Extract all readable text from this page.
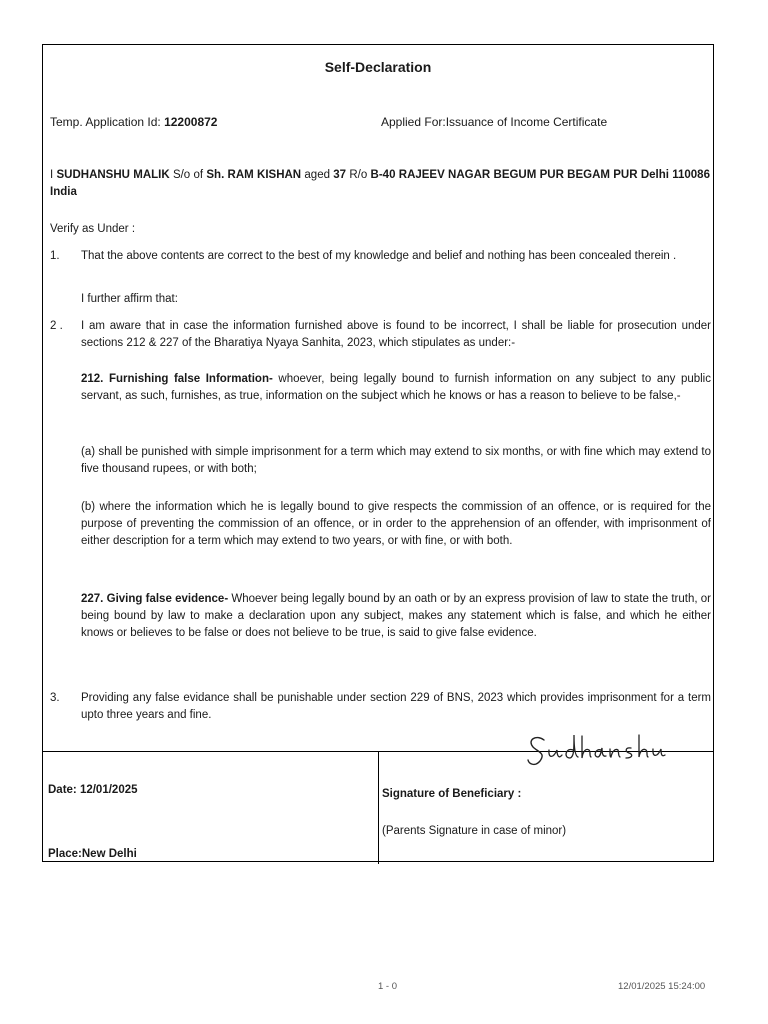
Self-Declaration
Temp. Application Id: 12200872	Applied For:Issuance of Income Certificate
I SUDHANSHU MALIK S/o of Sh. RAM KISHAN aged 37 R/o B-40 RAJEEV NAGAR BEGUM PUR BEGAM PUR Delhi 110086 India
Verify as Under :
1. That the above contents are correct to the best of my knowledge and belief and nothing has been concealed therein .
I further affirm that:
2 . I am aware that in case the information furnished above is found to be incorrect, I shall be liable for prosecution under sections 212 & 227 of the Bharatiya Nyaya Sanhita, 2023, which stipulates as under:-
212. Furnishing false Information- whoever, being legally bound to furnish information on any subject to any public servant, as such, furnishes, as true, information on the subject which he knows or has a reason to believe to be false,-
(a) shall be punished with simple imprisonment for a term which may extend to six months, or with fine which may extend to five thousand rupees, or with both;
(b) where the information which he is legally bound to give respects the commission of an offence, or is required for the purpose of preventing the commission of an offence, or in order to the apprehension of an offender, with imprisonment of either description for a term which may extend to two years, or with fine, or with both.
227. Giving false evidence- Whoever being legally bound by an oath or by an express provision of law to state the truth, or being bound by law to make a declaration upon any subject, makes any statement which is false, and which he either knows or believes to be false or does not believe to be true, is said to give false evidence.
3. Providing any false evidance shall be punishable under section 229 of BNS, 2023 which provides imprisonment for a term upto three years and fine.
Date: 12/01/2025
Place:New Delhi
Signature of Beneficiary :
(Parents Signature in case of minor)
1 - 0	12/01/2025 15:24:00
